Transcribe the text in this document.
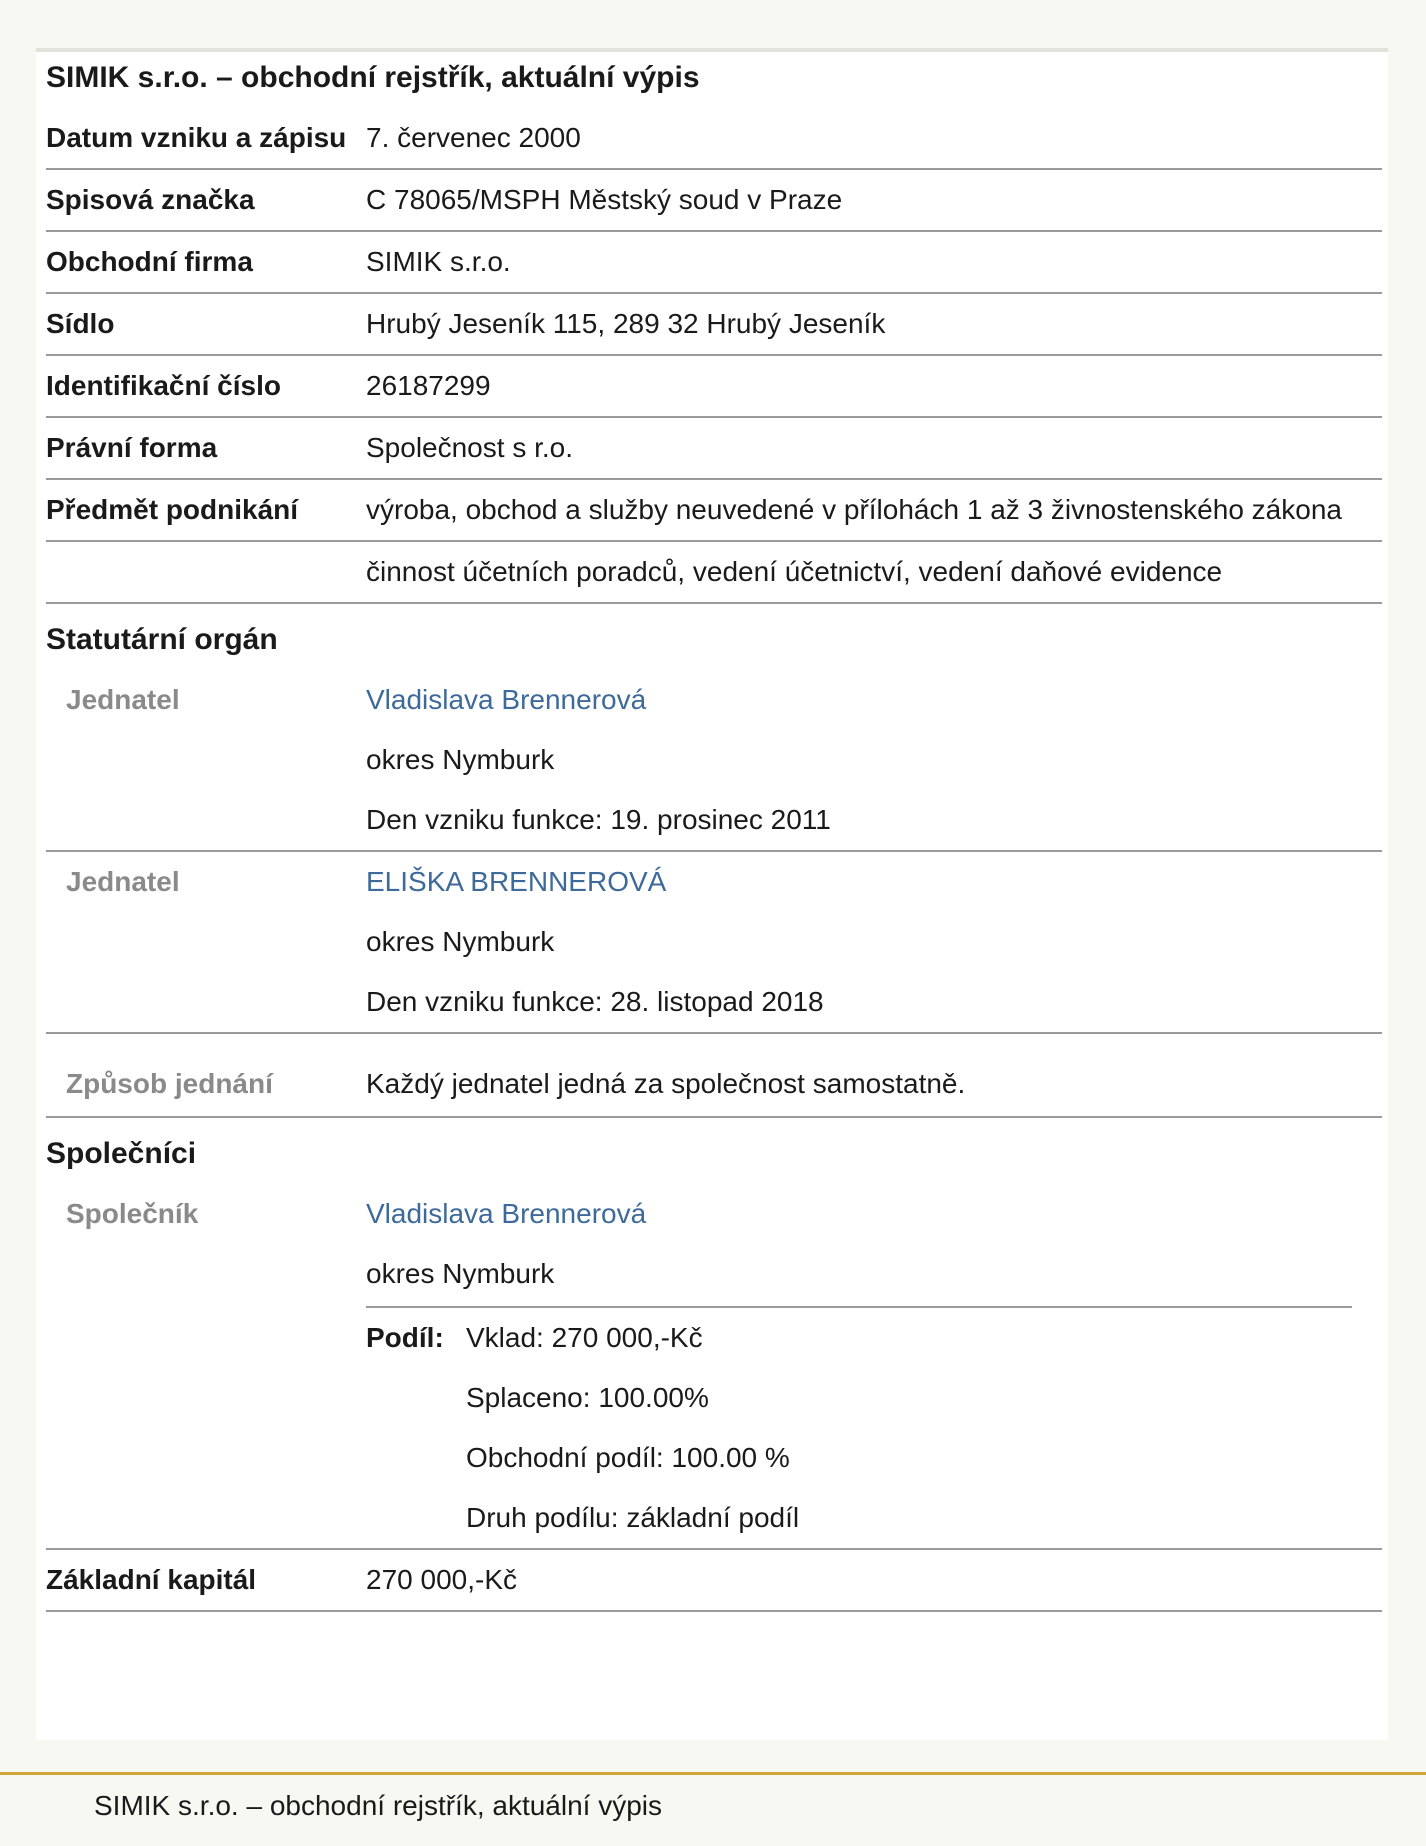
SIMIK s.r.o. – obchodní rejstřík, aktuální výpis
Datum vzniku a zápisu 7. červenec 2000
Spisová značka	C 78065/MSPH Městský soud v Praze
Obchodní firma	SIMIK s.r.o.
Sídlo	Hrubý Jeseník 115, 289 32 Hrubý Jeseník
Identifikační číslo	26187299
Právní forma	Společnost s r.o.
Předmět podnikání	výroba, obchod a služby neuvedené v přílohách 1 až 3 živnostenského zákona
činnost účetních poradců, vedení účetnictví, vedení daňové evidence
Statutární orgán
Jednatel	Vladislava Brennerová
okres Nymburk
Den vzniku funkce: 19. prosinec 2011
Jednatel	ELIŠKA BRENNEROVÁ
okres Nymburk
Den vzniku funkce: 28. listopad 2018
Způsob jednání	Každý jednatel jedná za společnost samostatně.
Společníci
Společník	Vladislava Brennerová
okres Nymburk
Podíl: Vklad: 270 000,-Kč
Splaceno: 100.00%
Obchodní podíl: 100.00 %
Druh podílu: základní podíl
Základní kapitál	270 000,-Kč
SIMIK s.r.o. – obchodní rejstřík, aktuální výpis
